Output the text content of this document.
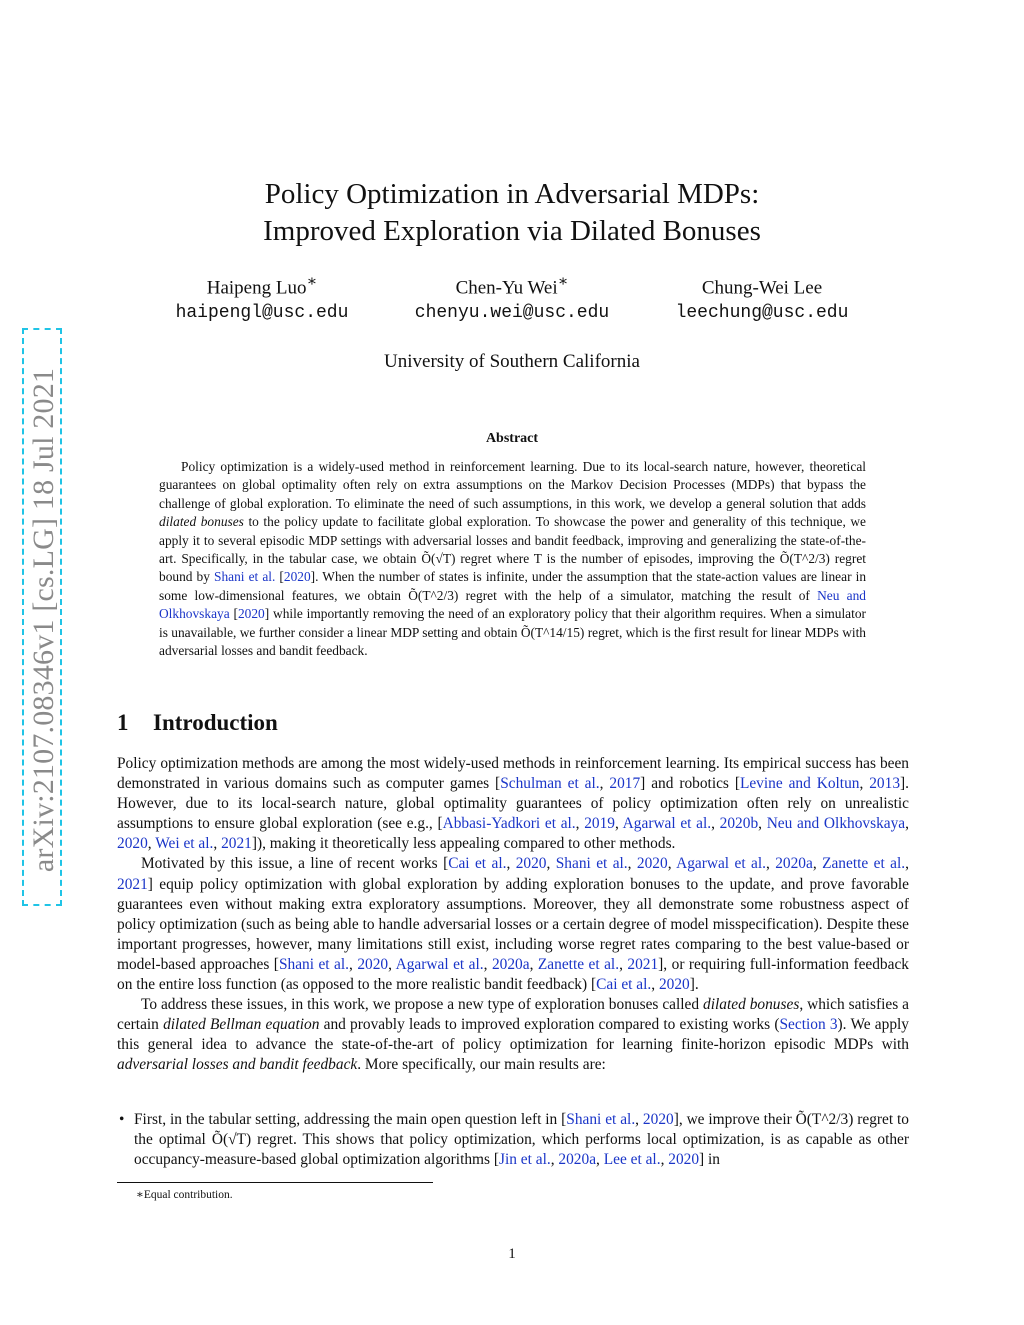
arXiv:2107.08346v1 [cs.LG] 18 Jul 2021
Policy Optimization in Adversarial MDPs:
Improved Exploration via Dilated Bonuses
Haipeng Luo∗
haipengl@usc.edu
Chen-Yu Wei∗
chenyu.wei@usc.edu
Chung-Wei Lee
leechung@usc.edu
University of Southern California
Abstract

Policy optimization is a widely-used method in reinforcement learning. Due to its local-search nature, however, theoretical guarantees on global optimality often rely on extra assumptions on the Markov Decision Processes (MDPs) that bypass the challenge of global exploration. To eliminate the need of such assumptions, in this work, we develop a general solution that adds dilated bonuses to the policy update to facilitate global exploration. To showcase the power and generality of this technique, we apply it to several episodic MDP settings with adversarial losses and bandit feedback, improving and generalizing the state-of-the-art. Specifically, in the tabular case, we obtain Õ(√T) regret where T is the number of episodes, improving the Õ(T^2/3) regret bound by Shani et al. [2020]. When the number of states is infinite, under the assumption that the state-action values are linear in some low-dimensional features, we obtain Õ(T^2/3) regret with the help of a simulator, matching the result of Neu and Olkhovskaya [2020] while importantly removing the need of an exploratory policy that their algorithm requires. When a simulator is unavailable, we further consider a linear MDP setting and obtain Õ(T^14/15) regret, which is the first result for linear MDPs with adversarial losses and bandit feedback.

1 Introduction

Policy optimization methods are among the most widely-used methods in reinforcement learning. Its empirical success has been demonstrated in various domains such as computer games [Schulman et al., 2017] and robotics [Levine and Koltun, 2013]. However, due to its local-search nature, global optimality guarantees of policy optimization often rely on unrealistic assumptions to ensure global exploration (see e.g., [Abbasi-Yadkori et al., 2019, Agarwal et al., 2020b, Neu and Olkhovskaya, 2020, Wei et al., 2021]), making it theoretically less appealing compared to other methods.

Motivated by this issue, a line of recent works [Cai et al., 2020, Shani et al., 2020, Agarwal et al., 2020a, Zanette et al., 2021] equip policy optimization with global exploration by adding exploration bonuses to the update, and prove favorable guarantees even without making extra exploratory assumptions. Moreover, they all demonstrate some robustness aspect of policy optimization (such as being able to handle adversarial losses or a certain degree of model misspecification). Despite these important progresses, however, many limitations still exist, including worse regret rates comparing to the best value-based or model-based approaches [Shani et al., 2020, Agarwal et al., 2020a, Zanette et al., 2021], or requiring full-information feedback on the entire loss function (as opposed to the more realistic bandit feedback) [Cai et al., 2020].

To address these issues, in this work, we propose a new type of exploration bonuses called dilated bonuses, which satisfies a certain dilated Bellman equation and provably leads to improved exploration compared to existing works (Section 3). We apply this general idea to advance the state-of-the-art of policy optimization for learning finite-horizon episodic MDPs with adversarial losses and bandit feedback. More specifically, our main results are:

• First, in the tabular setting, addressing the main open question left in [Shani et al., 2020], we improve their Õ(T^2/3) regret to the optimal Õ(√T) regret. This shows that policy optimization, which performs local optimization, is as capable as other occupancy-measure-based global optimization algorithms [Jin et al., 2020a, Lee et al., 2020] in
∗Equal contribution.
1
